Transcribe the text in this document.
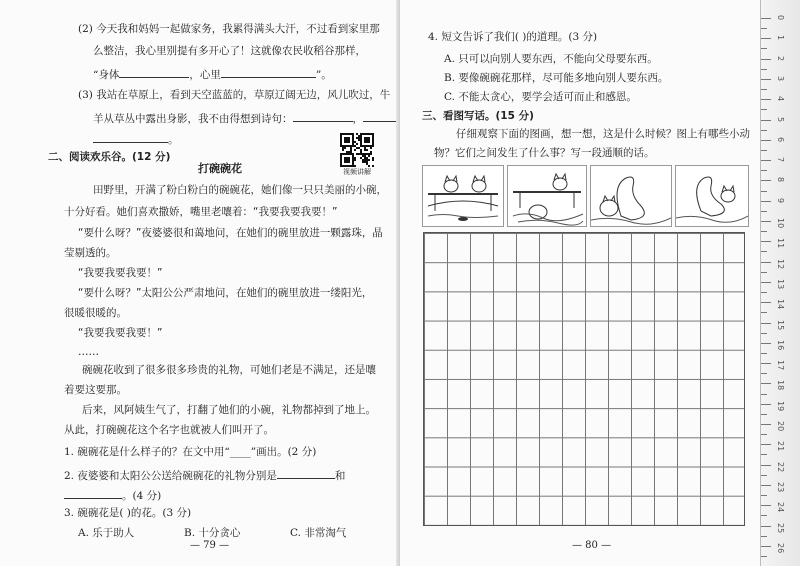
(2) 今天我和妈妈一起做家务，我累得满头大汗，不过看到家里那
么整洁，我心里别提有多开心了！这就像农民收稻谷那样，
“身体	，心里	”。
(3) 我站在草原上，看到天空蓝蓝的，草原辽阔无边，风儿吹过，牛
羊从草丛中露出身影，我不由得想到诗句：	，
。
二、阅读欢乐谷。(12 分)
视频讲解
打碗碗花
田野里，开满了粉白粉白的碗碗花，她们像一只只美丽的小碗，
十分好看。她们喜欢撒娇，嘴里老嚷着：“我要我要我要！”
“要什么呀？”夜婆婆很和蔼地问，在她们的碗里放进一颗露珠，晶
莹剔透的。
“我要我要我要！”
“要什么呀？”太阳公公严肃地问，在她们的碗里放进一缕阳光，
很暖很暖的。
“我要我要我要！”
……
碗碗花收到了很多很多珍贵的礼物，可她们老是不满足，还是嚷
着要这要那。
后来，风阿姨生气了，打翻了她们的小碗，礼物都掉到了地上。
从此，打碗碗花这个名字也就被人们叫开了。
1. 碗碗花是什么样子的？在文中用“____”画出。(2 分)
2. 夜婆婆和太阳公公送给碗碗花的礼物分别是	和
。(4 分)
3. 碗碗花是( )的花。(3 分)
A. 乐于助人	B. 十分贪心	C. 非常淘气
— 79 —
4. 短文告诉了我们( )的道理。(3 分)
A. 只可以向别人要东西，不能向父母要东西。
B. 要像碗碗花那样，尽可能多地向别人要东西。
C. 不能太贪心，要学会适可而止和感恩。
三、看图写话。(15 分)
仔细观察下面的图画，想一想，这是什么时候？图上有哪些小动
物？它们之间发生了什么事？写一段通顺的话。
— 80 —
0
1
2
3
4
5
6
7
8
9
10
11
12
13
14
15
16
17
18
19
20
21
22
23
24
25
26
